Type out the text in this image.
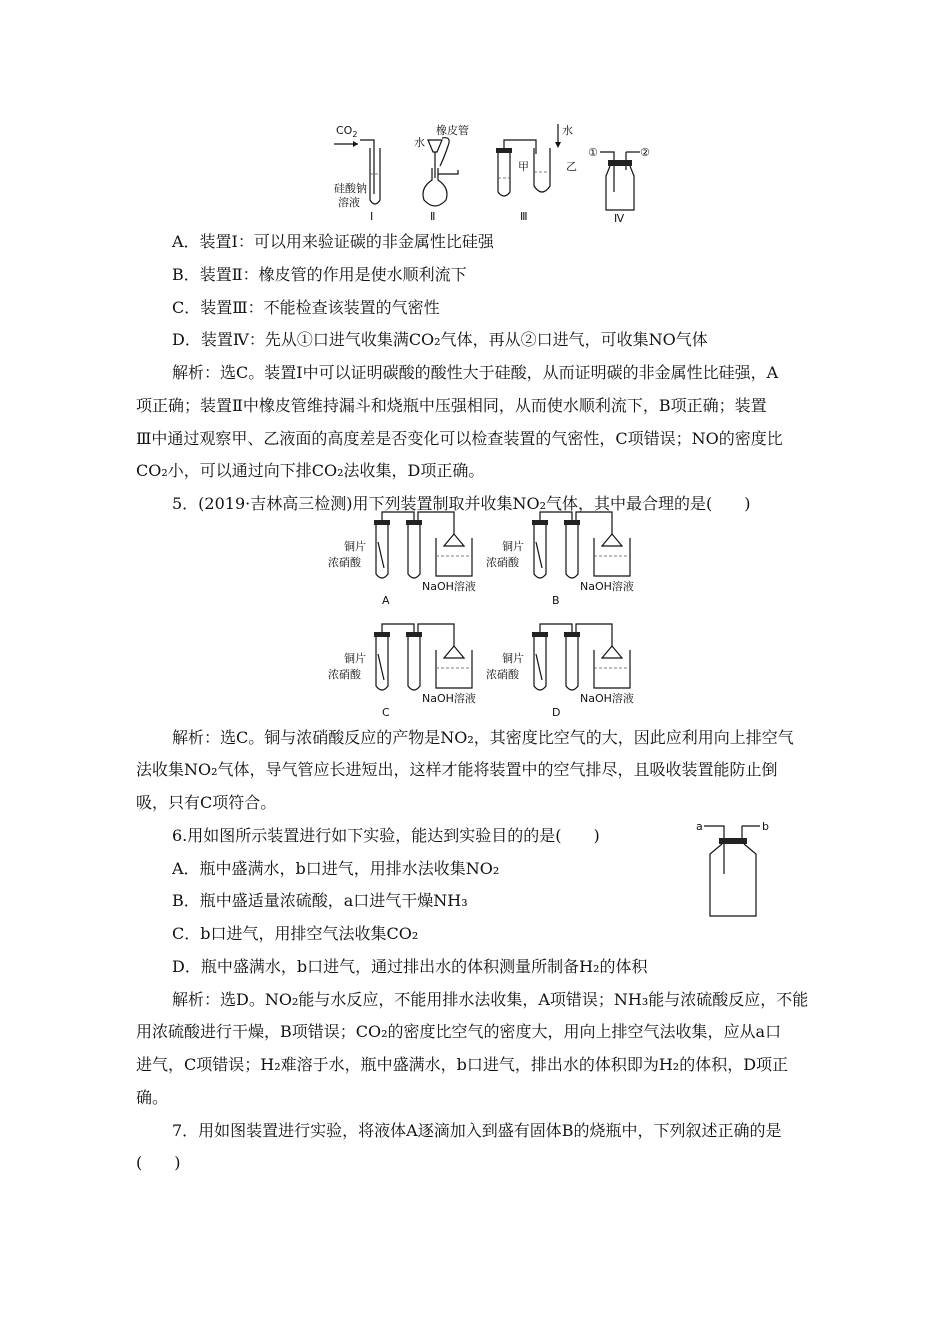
$CO_2$
硅酸钠
溶液
Ⅰ
水
橡皮管
Ⅱ
甲	乙
水
Ⅲ
①	②
Ⅳ
A．装置Ⅰ：可以用来验证碳的非金属性比硅强
B．装置Ⅱ：橡皮管的作用是使水顺利流下
C．装置Ⅲ：不能检查该装置的气密性
D．装置Ⅳ：先从①口进气收集满CO₂气体，再从②口进气，可收集NO气体
解析：选C。装置Ⅰ中可以证明碳酸的酸性大于硅酸，从而证明碳的非金属性比硅强，A
项正确；装置Ⅱ中橡皮管维持漏斗和烧瓶中压强相同，从而使水顺利流下，B项正确；装置
Ⅲ中通过观察甲、乙液面的高度差是否变化可以检查装置的气密性，C项错误；NO的密度比
CO₂小，可以通过向下排CO₂法收集，D项正确。
5．(2019·吉林高三检测)用下列装置制取并收集NO₂气体，其中最合理的是(　　)
铜片
浓硝酸
NaOH溶液
A
铜片
浓硝酸
NaOH溶液
B
铜片
浓硝酸
NaOH溶液
C
铜片
浓硝酸
NaOH溶液
D
解析：选C。铜与浓硝酸反应的产物是NO₂，其密度比空气的大，因此应利用向上排空气
法收集NO₂气体，导气管应长进短出，这样才能将装置中的空气排尽，且吸收装置能防止倒
吸，只有C项符合。
6.用如图所示装置进行如下实验，能达到实验目的的是(　　)	a	b
A．瓶中盛满水，b口进气，用排水法收集NO₂
B．瓶中盛适量浓硫酸，a口进气干燥NH₃
C．b口进气，用排空气法收集CO₂
D．瓶中盛满水，b口进气，通过排出水的体积测量所制备H₂的体积
解析：选D。NO₂能与水反应，不能用排水法收集，A项错误；NH₃能与浓硫酸反应，不能
用浓硫酸进行干燥，B项错误；CO₂的密度比空气的密度大，用向上排空气法收集，应从a口
进气，C项错误；H₂难溶于水，瓶中盛满水，b口进气，排出水的体积即为H₂的体积，D项正
确。
7．用如图装置进行实验，将液体A逐滴加入到盛有固体B的烧瓶中，下列叙述正确的是
(　　)
